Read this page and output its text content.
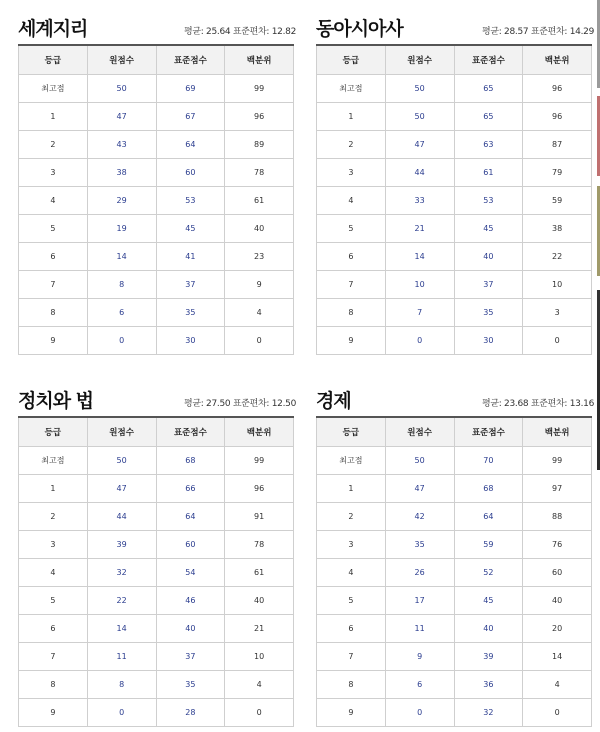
세계지리	평균: 25.64 표준편차: 12.82
등급	원점수	표준점수	백분위
최고점	50	69	99
1	47	67	96
2	43	64	89
3	38	60	78
4	29	53	61
5	19	45	40
6	14	41	23
7	8	37	9
8	6	35	4
9	0	30	0
동아시아사	평균: 28.57 표준편차: 14.29
등급	원점수	표준점수	백분위
최고점	50	65	96
1	50	65	96
2	47	63	87
3	44	61	79
4	33	53	59
5	21	45	38
6	14	40	22
7	10	37	10
8	7	35	3
9	0	30	0
정치와 법	평균: 27.50 표준편차: 12.50
등급	원점수	표준점수	백분위
최고점	50	68	99
1	47	66	96
2	44	64	91
3	39	60	78
4	32	54	61
5	22	46	40
6	14	40	21
7	11	37	10
8	8	35	4
9	0	28	0
경제	평균: 23.68 표준편차: 13.16
등급	원점수	표준점수	백분위
최고점	50	70	99
1	47	68	97
2	42	64	88
3	35	59	76
4	26	52	60
5	17	45	40
6	11	40	20
7	9	39	14
8	6	36	4
9	0	32	0
